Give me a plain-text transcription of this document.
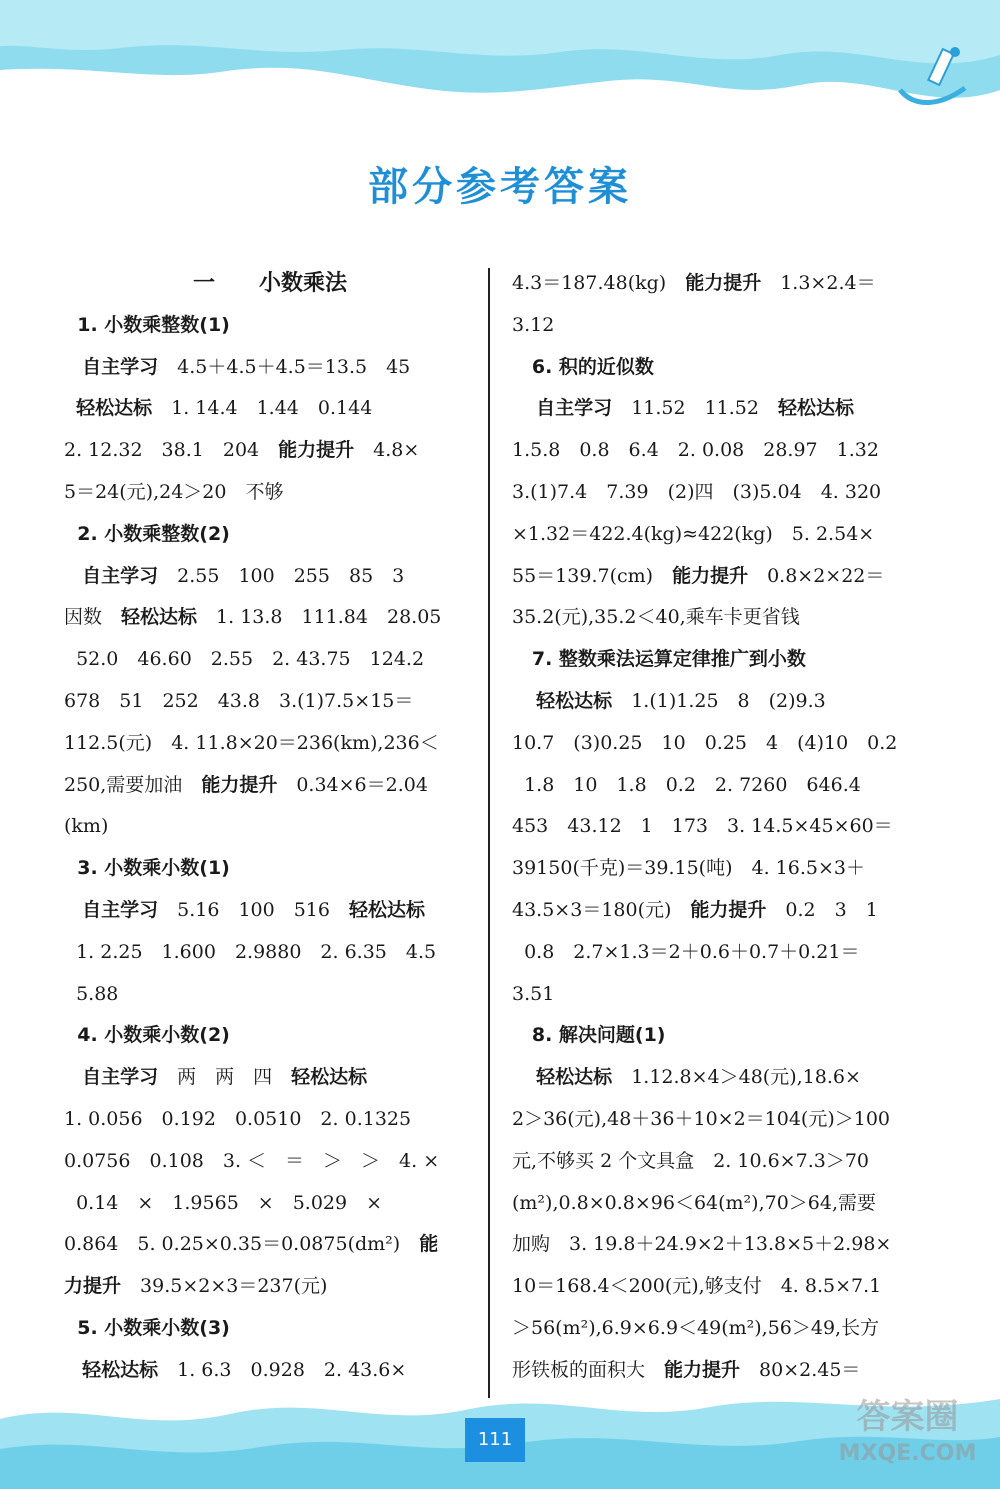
部分参考答案
一　　小数乘法
1. 小数乘整数(1)
自主学习　4.5＋4.5＋4.5＝13.5　45
轻松达标　1. 14.4　1.44　0.144
2. 12.32　38.1　204　能力提升　4.8×
5＝24(元),24＞20　不够
2. 小数乘整数(2)
自主学习　2.55　100　255　85　3
因数　轻松达标　1. 13.8　111.84　28.05
52.0　46.60　2.55　2. 43.75　124.2
678　51　252　43.8　3.(1)7.5×15＝
112.5(元)　4. 11.8×20＝236(km),236＜
250,需要加油　能力提升　0.34×6＝2.04
(km)
3. 小数乘小数(1)
自主学习　5.16　100　516　轻松达标
1. 2.25　1.600　2.9880　2. 6.35　4.5
5.88
4. 小数乘小数(2)
自主学习　两　两　四　轻松达标
1. 0.056　0.192　0.0510　2. 0.1325
0.0756　0.108　3. ＜　＝　＞　＞　4. ×
0.14　×　1.9565　×　5.029　×
0.864　5. 0.25×0.35＝0.0875(dm²)　能
力提升　39.5×2×3＝237(元)
5. 小数乘小数(3)
轻松达标　1. 6.3　0.928　2. 43.6×
4.3＝187.48(kg)　能力提升　1.3×2.4＝
3.12
6. 积的近似数
自主学习　11.52　11.52　轻松达标
1.5.8　0.8　6.4　2. 0.08　28.97　1.32
3.(1)7.4　7.39　(2)四　(3)5.04　4. 320
×1.32＝422.4(kg)≈422(kg)　5. 2.54×
55＝139.7(cm)　能力提升　0.8×2×22＝
35.2(元),35.2＜40,乘车卡更省钱
7. 整数乘法运算定律推广到小数
轻松达标　1.(1)1.25　8　(2)9.3
10.7　(3)0.25　10　0.25　4　(4)10　0.2
1.8　10　1.8　0.2　2. 7260　646.4
453　43.12　1　173　3. 14.5×45×60＝
39150(千克)＝39.15(吨)　4. 16.5×3＋
43.5×3＝180(元)　能力提升　0.2　3　1
0.8　2.7×1.3＝2＋0.6＋0.7＋0.21＝
3.51
8. 解决问题(1)
轻松达标　1.12.8×4＞48(元),18.6×
2＞36(元),48＋36＋10×2＝104(元)＞100
元,不够买 2 个文具盒　2. 10.6×7.3＞70
(m²),0.8×0.8×96＜64(m²),70＞64,需要
加购　3. 19.8＋24.9×2＋13.8×5＋2.98×
10＝168.4＜200(元),够支付　4. 8.5×7.1
＞56(m²),6.9×6.9＜49(m²),56＞49,长方
形铁板的面积大　能力提升　80×2.45＝
111
答案圈
MXQE.COM
